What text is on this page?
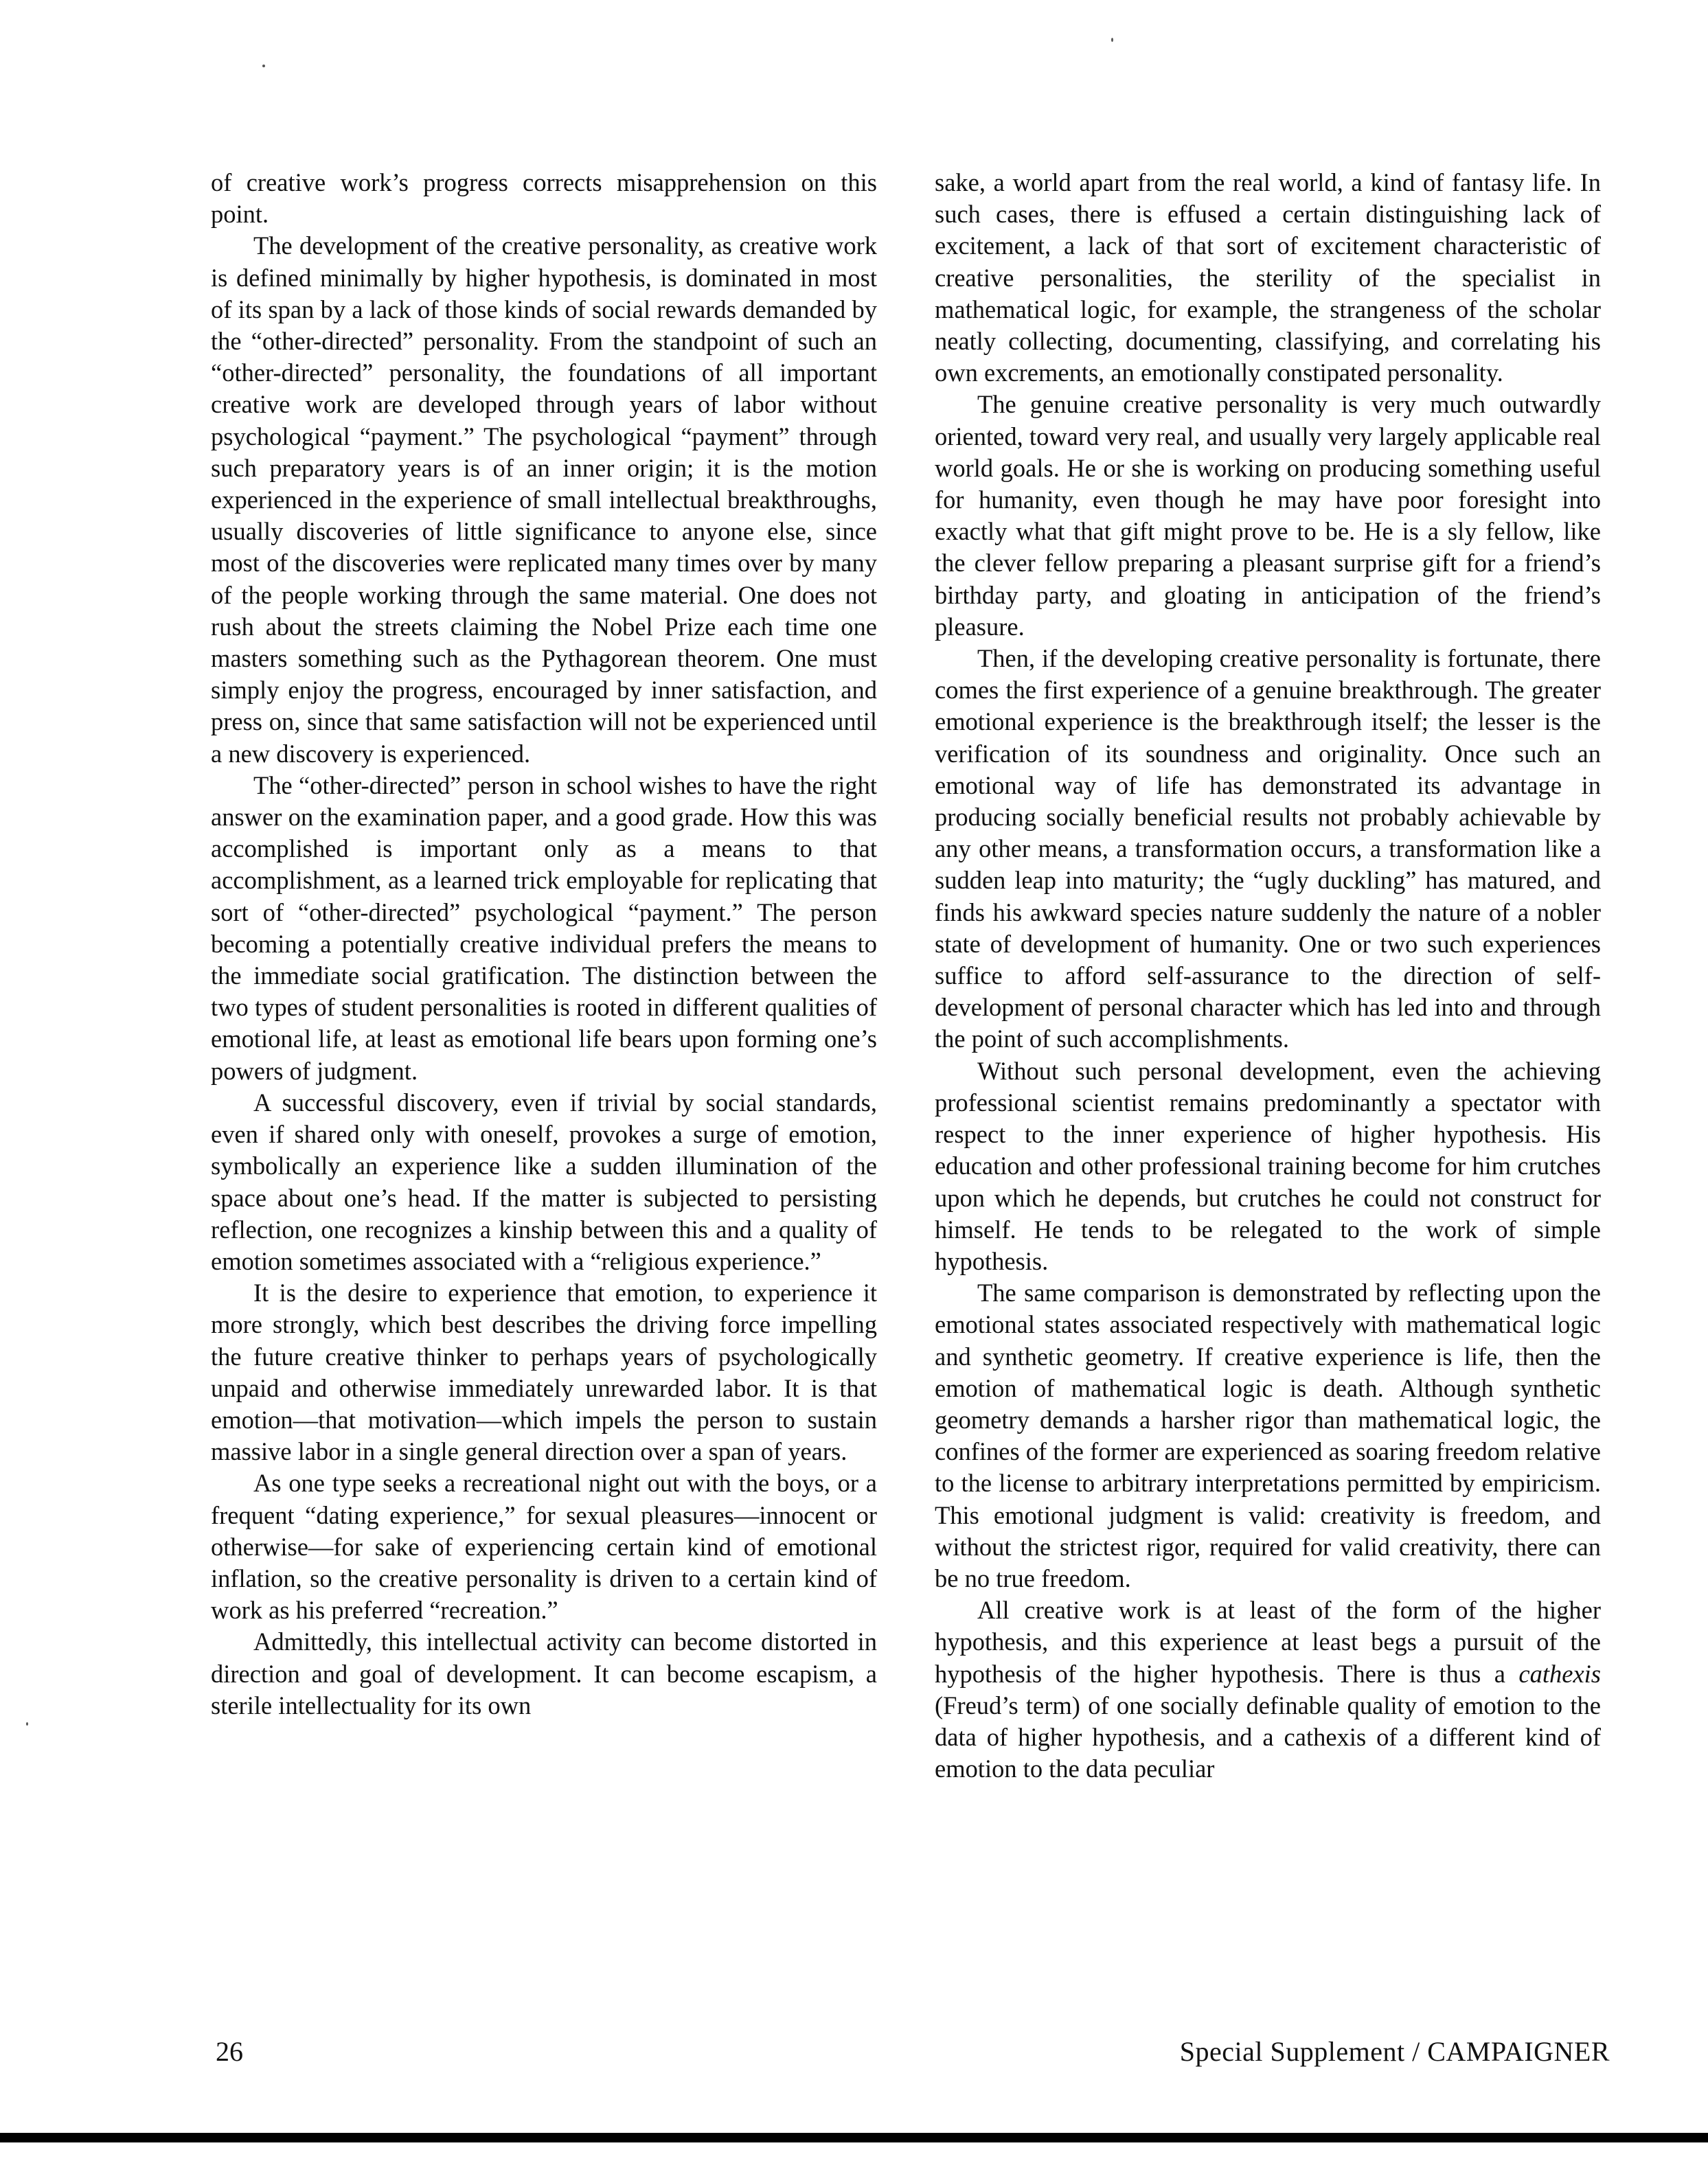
of creative work’s progress corrects misapprehension on this point.

The development of the creative personality, as creative work is defined minimally by higher hypothesis, is dominated in most of its span by a lack of those kinds of social rewards demanded by the “other-directed” personality. From the standpoint of such an “other-directed” personality, the foundations of all important creative work are developed through years of labor without psychological “payment.” The psychological “payment” through such preparatory years is of an inner origin; it is the motion experienced in the experience of small intellectual breakthroughs, usually discoveries of little significance to anyone else, since most of the discoveries were replicated many times over by many of the people working through the same material. One does not rush about the streets claiming the Nobel Prize each time one masters something such as the Pythagorean theorem. One must simply enjoy the progress, encouraged by inner satisfaction, and press on, since that same satisfaction will not be experienced until a new discovery is experienced.

The “other-directed” person in school wishes to have the right answer on the examination paper, and a good grade. How this was accomplished is important only as a means to that accomplishment, as a learned trick employable for replicating that sort of “other-directed” psychological “payment.” The person becoming a potentially creative individual prefers the means to the immediate social gratification. The distinction between the two types of student personalities is rooted in different qualities of emotional life, at least as emotional life bears upon forming one’s powers of judgment.

A successful discovery, even if trivial by social standards, even if shared only with oneself, provokes a surge of emotion, symbolically an experience like a sudden illumination of the space about one’s head. If the matter is subjected to persisting reflection, one recognizes a kinship between this and a quality of emotion sometimes associated with a “religious experience.”

It is the desire to experience that emotion, to experience it more strongly, which best describes the driving force impelling the future creative thinker to perhaps years of psychologically unpaid and otherwise immediately unrewarded labor. It is that emotion—that motivation—which impels the person to sustain massive labor in a single general direction over a span of years.

As one type seeks a recreational night out with the boys, or a frequent “dating experience,” for sexual pleasures—innocent or otherwise—for sake of experiencing certain kind of emotional inflation, so the creative personality is driven to a certain kind of work as his preferred “recreation.”

Admittedly, this intellectual activity can become distorted in direction and goal of development. It can become escapism, a sterile intellectuality for its own

sake, a world apart from the real world, a kind of fantasy life. In such cases, there is effused a certain distinguishing lack of excitement, a lack of that sort of excitement characteristic of creative personalities, the sterility of the specialist in mathematical logic, for example, the strangeness of the scholar neatly collecting, documenting, classifying, and correlating his own excrements, an emotionally constipated personality.

The genuine creative personality is very much outwardly oriented, toward very real, and usually very largely applicable real world goals. He or she is working on producing something useful for humanity, even though he may have poor foresight into exactly what that gift might prove to be. He is a sly fellow, like the clever fellow preparing a pleasant surprise gift for a friend’s birthday party, and gloating in anticipation of the friend’s pleasure.

Then, if the developing creative personality is fortunate, there comes the first experience of a genuine breakthrough. The greater emotional experience is the breakthrough itself; the lesser is the verification of its soundness and originality. Once such an emotional way of life has demonstrated its advantage in producing socially beneficial results not probably achievable by any other means, a transformation occurs, a transformation like a sudden leap into maturity; the “ugly duckling” has matured, and finds his awkward species nature suddenly the nature of a nobler state of development of humanity. One or two such experiences suffice to afford self-assurance to the direction of self-development of personal character which has led into and through the point of such accomplishments.

Without such personal development, even the achieving professional scientist remains predominantly a spectator with respect to the inner experience of higher hypothesis. His education and other professional training become for him crutches upon which he depends, but crutches he could not construct for himself. He tends to be relegated to the work of simple hypothesis.

The same comparison is demonstrated by reflecting upon the emotional states associated respectively with mathematical logic and synthetic geometry. If creative experience is life, then the emotion of mathematical logic is death. Although synthetic geometry demands a harsher rigor than mathematical logic, the confines of the former are experienced as soaring freedom relative to the license to arbitrary interpretations permitted by empiricism. This emotional judgment is valid: creativity is freedom, and without the strictest rigor, required for valid creativity, there can be no true freedom.

All creative work is at least of the form of the higher hypothesis, and this experience at least begs a pursuit of the hypothesis of the higher hypothesis. There is thus a cathexis (Freud’s term) of one socially definable quality of emotion to the data of higher hypothesis, and a cathexis of a different kind of emotion to the data peculiar

26	Special Supplement / CAMPAIGNER
